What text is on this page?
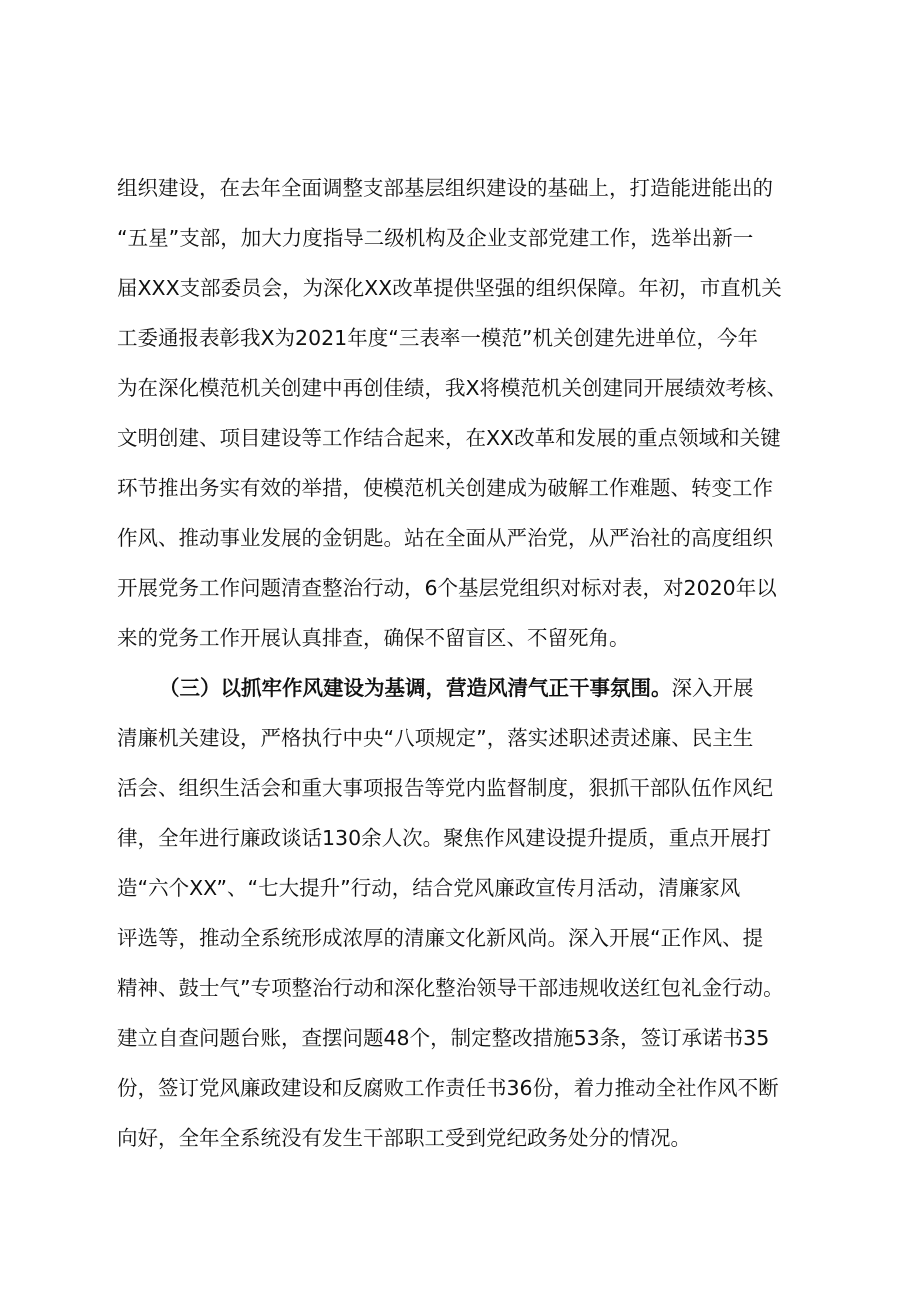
组织建设，在去年全面调整支部基层组织建设的基础上，打造能进能出的
“五星”支部，加大力度指导二级机构及企业支部党建工作，选举出新一
届XXX支部委员会，为深化XX改革提供坚强的组织保障。年初，市直机关
工委通报表彰我X为2021年度“三表率一模范”机关创建先进单位，今年
为在深化模范机关创建中再创佳绩，我X将模范机关创建同开展绩效考核、
文明创建、项目建设等工作结合起来，在XX改革和发展的重点领域和关键
环节推出务实有效的举措，使模范机关创建成为破解工作难题、转变工作
作风、推动事业发展的金钥匙。站在全面从严治党，从严治社的高度组织
开展党务工作问题清查整治行动，6个基层党组织对标对表，对2020年以
来的党务工作开展认真排查，确保不留盲区、不留死角。
（三）以抓牢作风建设为基调，营造风清气正干事氛围。深入开展
清廉机关建设，严格执行中央“八项规定”，落实述职述责述廉、民主生
活会、组织生活会和重大事项报告等党内监督制度，狠抓干部队伍作风纪
律，全年进行廉政谈话130余人次。聚焦作风建设提升提质，重点开展打
造“六个XX”、“七大提升”行动，结合党风廉政宣传月活动，清廉家风
评选等，推动全系统形成浓厚的清廉文化新风尚。深入开展“正作风、提
精神、鼓士气”专项整治行动和深化整治领导干部违规收送红包礼金行动。
建立自查问题台账，查摆问题48个，制定整改措施53条，签订承诺书35
份，签订党风廉政建设和反腐败工作责任书36份，着力推动全社作风不断
向好，全年全系统没有发生干部职工受到党纪政务处分的情况。
